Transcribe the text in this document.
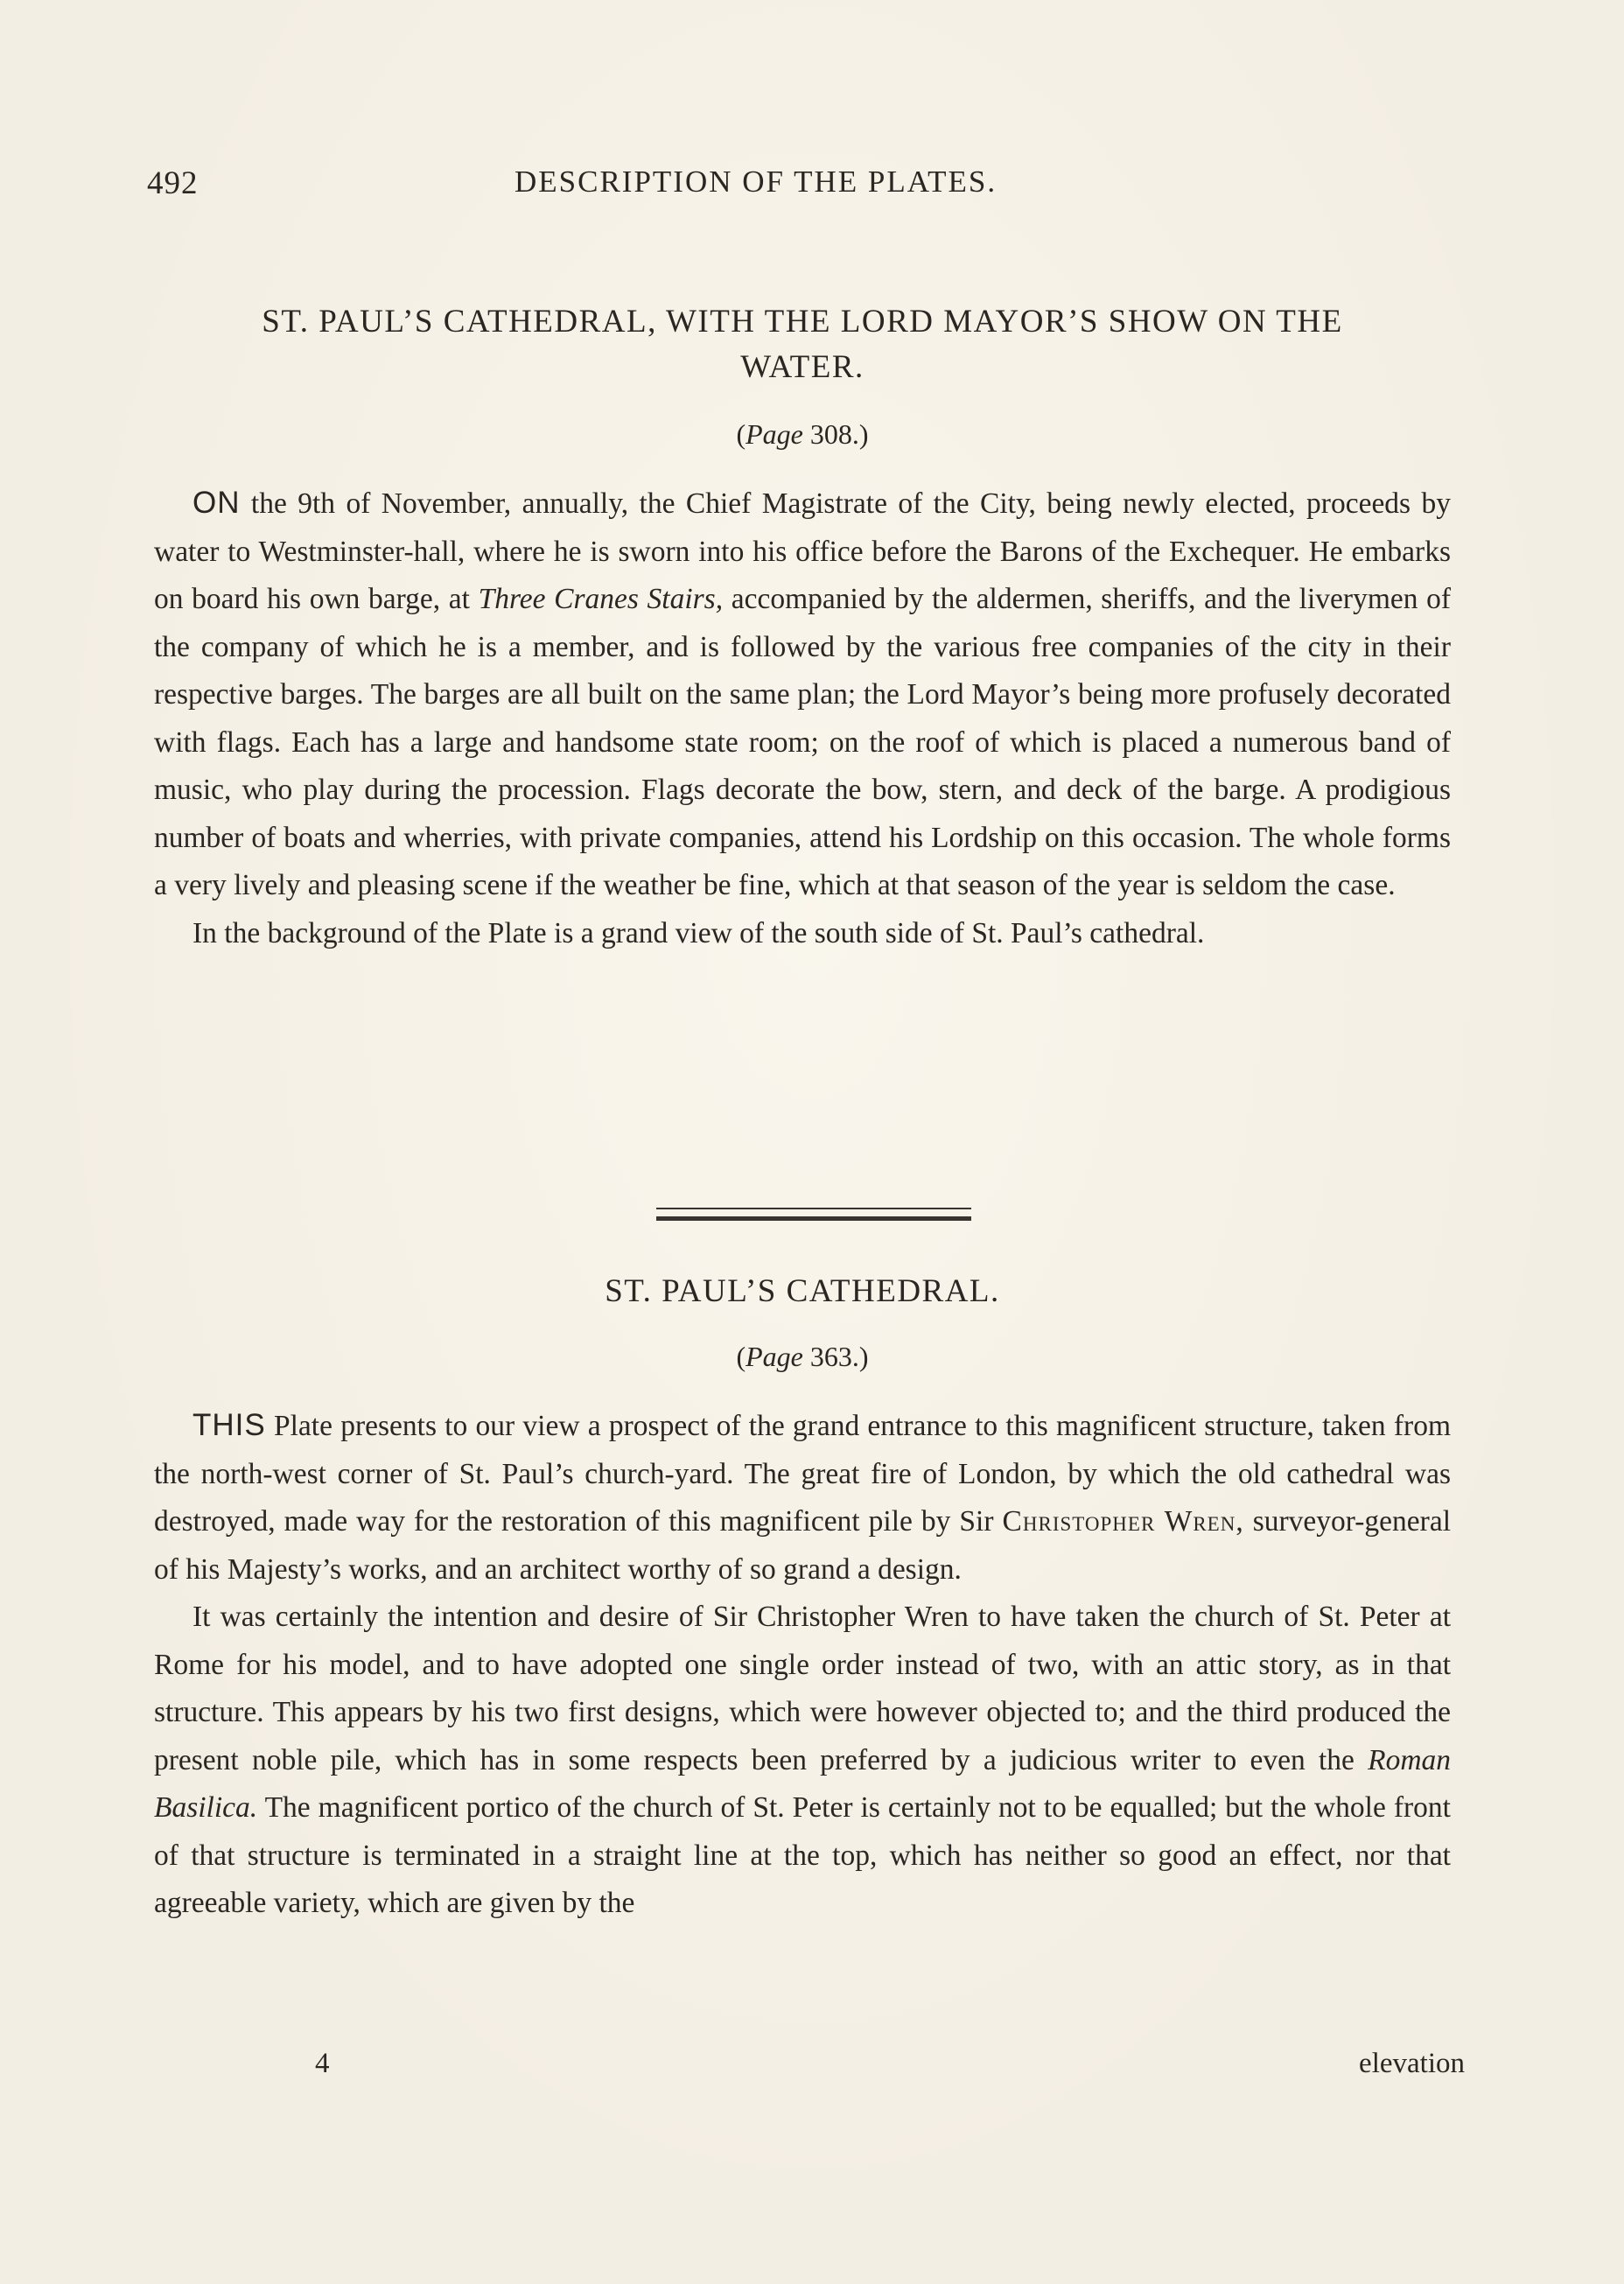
492	DESCRIPTION OF THE PLATES.
ST. PAUL’S CATHEDRAL, WITH THE LORD MAYOR’S SHOW ON THE
WATER.

(Page 308.)

ON the 9th of November, annually, the Chief Magistrate of the City, being newly elected, proceeds by water to Westminster-hall, where he is sworn into his office before the Barons of the Exchequer. He embarks on board his own barge, at Three Cranes Stairs, accompanied by the aldermen, sheriffs, and the liverymen of the company of which he is a member, and is followed by the various free companies of the city in their respective barges. The barges are all built on the same plan; the Lord Mayor’s being more profusely decorated with flags. Each has a large and handsome state room; on the roof of which is placed a numerous band of music, who play during the procession. Flags decorate the bow, stern, and deck of the barge. A prodigious number of boats and wherries, with private companies, attend his Lordship on this occasion. The whole forms a very lively and pleasing scene if the weather be fine, which at that season of the year is seldom the case.

In the background of the Plate is a grand view of the south side of St. Paul’s cathedral.

ST. PAUL’S CATHEDRAL.

(Page 363.)

THIS Plate presents to our view a prospect of the grand entrance to this magnificent structure, taken from the north-west corner of St. Paul’s church-yard. The great fire of London, by which the old cathedral was destroyed, made way for the restoration of this magnificent pile by Sir Christopher Wren, surveyor-general of his Majesty’s works, and an architect worthy of so grand a design.

It was certainly the intention and desire of Sir Christopher Wren to have taken the church of St. Peter at Rome for his model, and to have adopted one single order instead of two, with an attic story, as in that structure. This appears by his two first designs, which were however objected to; and the third produced the present noble pile, which has in some respects been preferred by a judicious writer to even the Roman Basilica. The magnificent portico of the church of St. Peter is certainly not to be equalled; but the whole front of that structure is terminated in a straight line at the top, which has neither so good an effect, nor that agreeable variety, which are given by the

4	elevation
